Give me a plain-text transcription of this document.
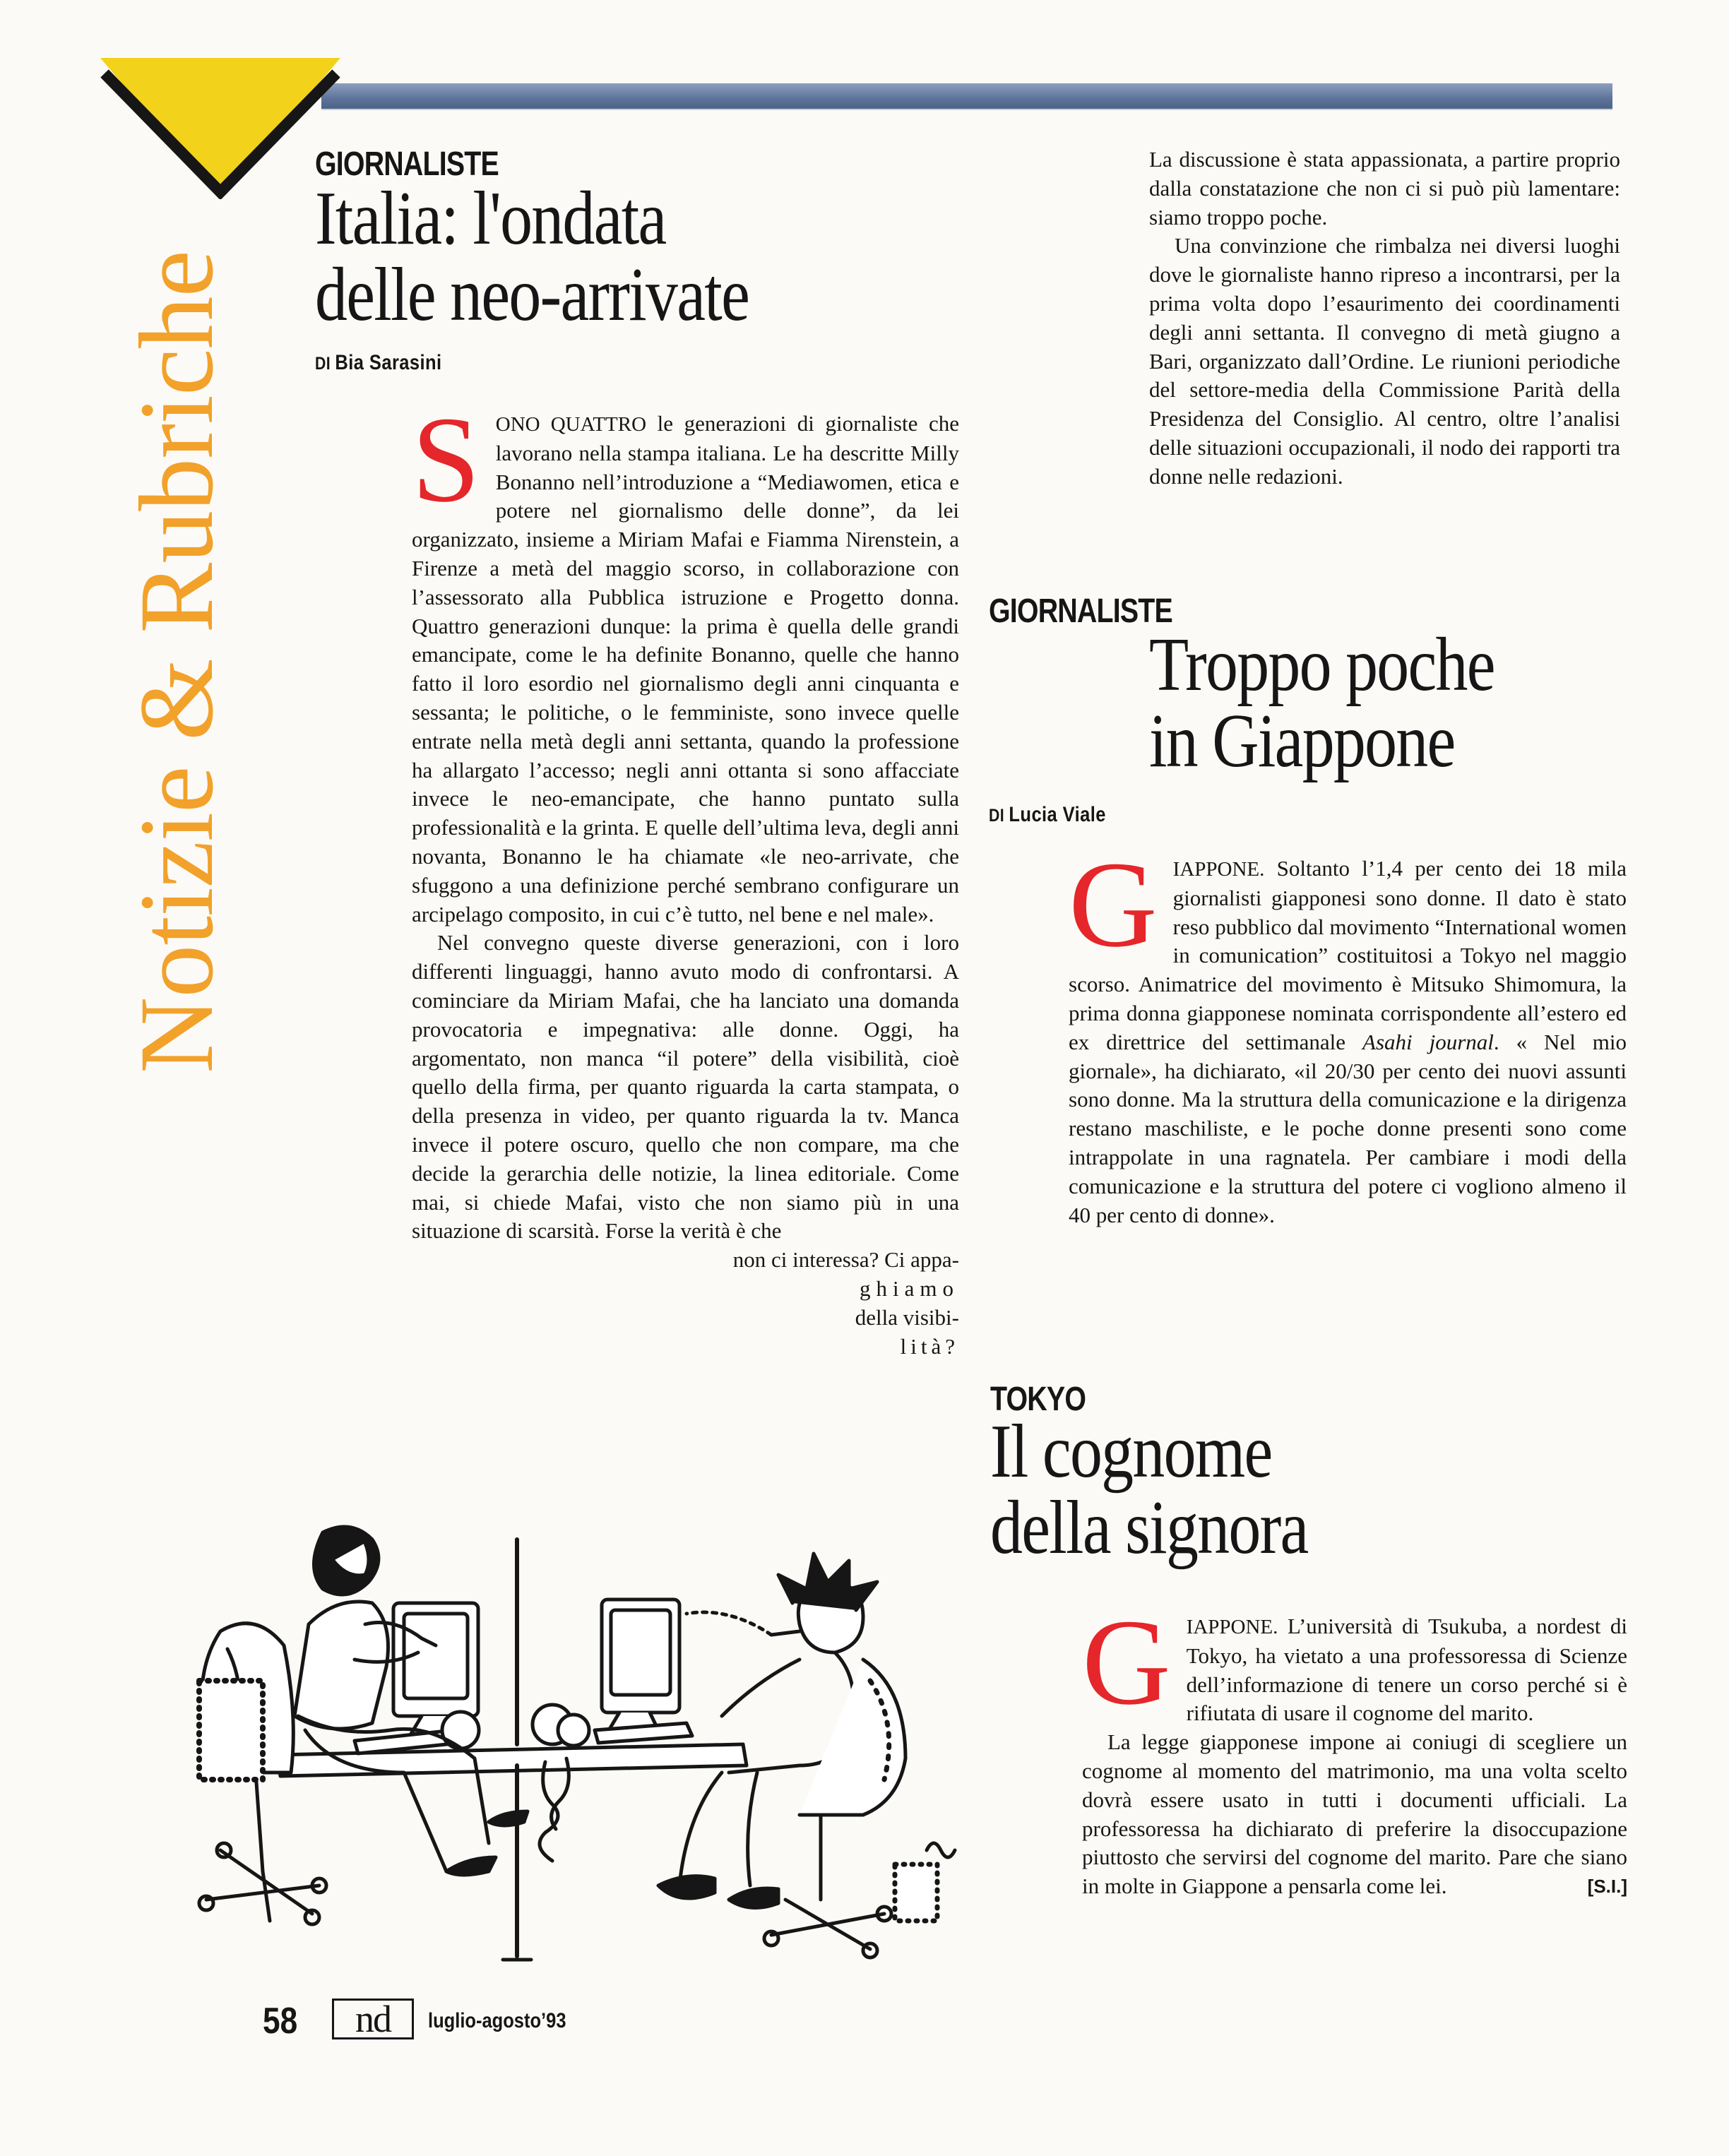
Notizie & Rubriche
GIORNALISTE
Italia: l'ondata
delle neo-arrivate
DI Bia Sarasini

SONO QUATTRO le generazioni di giornaliste che lavorano nella stampa italiana. Le ha descritte Milly Bonanno nell’introduzione a “Mediawomen, etica e potere nel giornalismo delle donne”, da lei organizzato, insieme a Miriam Mafai e Fiamma Nirenstein, a Firenze a metà del maggio scorso, in collaborazione con l’assessorato alla Pubblica istruzione e Progetto donna. Quattro generazioni dunque: la prima è quella delle grandi emancipate, come le ha definite Bonanno, quelle che hanno fatto il loro esordio nel giornalismo degli anni cinquanta e sessanta; le politiche, o le femministe, sono invece quelle entrate nella metà degli anni settanta, quando la professione ha allargato l’accesso; negli anni ottanta si sono affacciate invece le neo-emancipate, che hanno puntato sulla professionalità e la grinta. E quelle dell’ultima leva, degli anni novanta, Bonanno le ha chiamate «le neo-arrivate, che sfuggono a una definizione perché sembrano configurare un arcipelago composito, in cui c’è tutto, nel bene e nel male».

Nel convegno queste diverse generazioni, con i loro differenti linguaggi, hanno avuto modo di confrontarsi. A cominciare da Miriam Mafai, che ha lanciato una domanda provocatoria e impegnativa: alle donne. Oggi, ha argomentato, non manca “il potere” della visibilità, cioè quello della firma, per quanto riguarda la carta stampata, o della presenza in video, per quanto riguarda la tv. Manca invece il potere oscuro, quello che non compare, ma che decide la gerarchia delle notizie, la linea editoriale. Come mai, si chiede Mafai, visto che non siamo più in una situazione di scarsità. Forse la verità è che

non ci interessa? Ci appa-
ghiamo
della visibi-
lità?

La discussione è stata appassionata, a partire proprio dalla constatazione che non ci si può più lamentare: siamo troppo poche.

Una convinzione che rimbalza nei diversi luoghi dove le giornaliste hanno ripreso a incontrarsi, per la prima volta dopo l’esaurimento dei coordinamenti degli anni settanta. Il convegno di metà giugno a Bari, organizzato dall’Ordine. Le riunioni periodiche del settore-media della Commissione Parità della Presidenza del Consiglio. Al centro, oltre l’analisi delle situazioni occupazionali, il nodo dei rapporti tra donne nelle redazioni.

GIORNALISTE
Troppo poche
in Giappone
DI Lucia Viale

GIAPPONE. Soltanto l’1,4 per cento dei 18 mila giornalisti giapponesi sono donne. Il dato è stato reso pubblico dal movimento “International women in comunication” costituitosi a Tokyo nel maggio scorso. Animatrice del movimento è Mitsuko Shimomura, la prima donna giapponese nominata corrispondente all’estero ed ex direttrice del settimanale Asahi journal. « Nel mio giornale», ha dichiarato, «il 20/30 per cento dei nuovi assunti sono donne. Ma la struttura della comunicazione e la dirigenza restano maschiliste, e le poche donne presenti sono come intrappolate in una ragnatela. Per cambiare i modi della comunicazione e la struttura del potere ci vogliono almeno il 40 per cento di donne».

TOKYO
Il cognome
della signora

GIAPPONE. L’università di Tsukuba, a nordest di Tokyo, ha vietato a una professoressa di Scienze dell’informazione di tenere un corso perché si è rifiutata di usare il cognome del marito.

La legge giapponese impone ai coniugi di scegliere un cognome al momento del matrimonio, ma una volta scelto dovrà essere usato in tutti i documenti ufficiali. La professoressa ha dichiarato di preferire la disoccupazione piuttosto che servirsi del cognome del marito. Pare che siano in molte in Giappone a pensarla come lei.	[S.I.]

58	nd	luglio-agosto’93
